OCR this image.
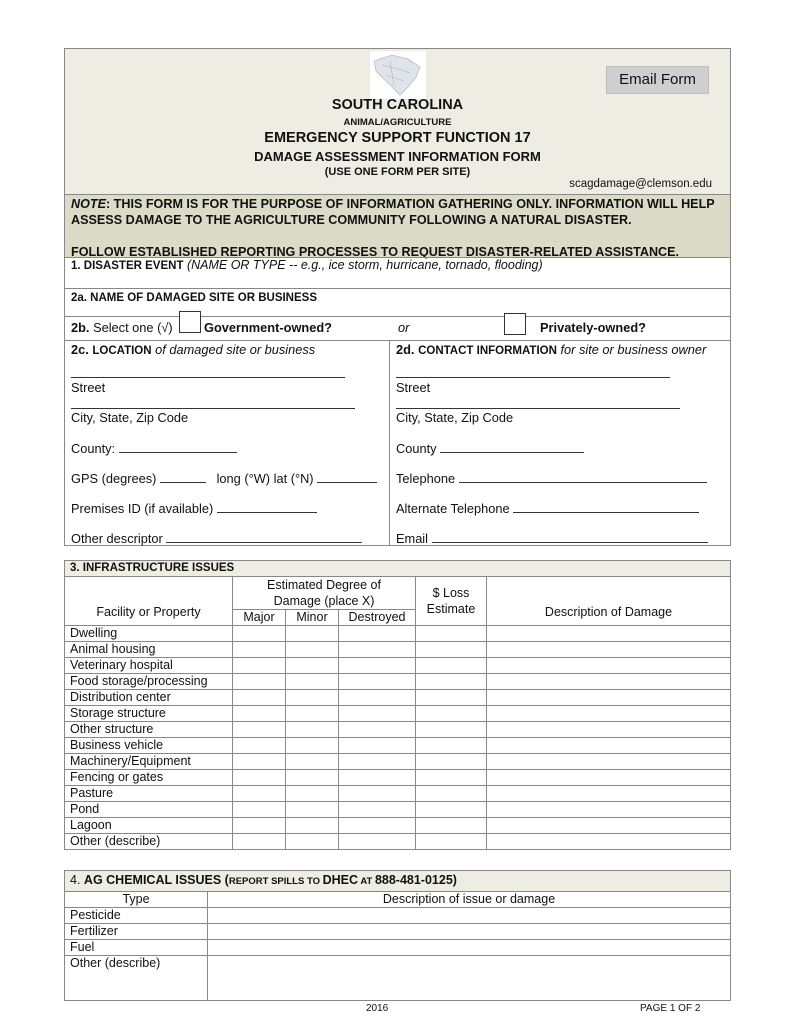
Email Form
SOUTH CAROLINA
ANIMAL/AGRICULTURE
EMERGENCY SUPPORT FUNCTION 17
DAMAGE ASSESSMENT INFORMATION FORM
(USE ONE FORM PER SITE)
scagdamage@clemson.edu
NOTE: THIS FORM IS FOR THE PURPOSE OF INFORMATION GATHERING ONLY. INFORMATION WILL HELP ASSESS DAMAGE TO THE AGRICULTURE COMMUNITY FOLLOWING A NATURAL DISASTER.
FOLLOW ESTABLISHED REPORTING PROCESSES TO REQUEST DISASTER-RELATED ASSISTANCE.
1. DISASTER EVENT (NAME OR TYPE -- e.g., ice storm, hurricane, tornado, flooding)
2a. NAME OF DAMAGED SITE OR BUSINESS
2b. Select one (√) Government-owned?	or	Privately-owned?
2c. LOCATION of damaged site or business
Street
City, State, Zip Code
County:
GPS (degrees)	long (°W) lat (°N)
Premises ID (if available)
Other descriptor
2d. CONTACT INFORMATION for site or business owner
Street
City, State, Zip Code
County
Telephone
Alternate Telephone
Email
3. INFRASTRUCTURE ISSUES					
Facility or Property	Estimated Degree of Damage (place X)			$ Loss Estimate	Description of Damage
	Major	Minor	Destroyed		
Dwelling					
Animal housing					
Veterinary hospital					
Food storage/processing					
Distribution center					
Storage structure					
Other structure					
Business vehicle					
Machinery/Equipment					
Fencing or gates					
Pasture					
Pond					
Lagoon					
Other (describe)					
4. AG CHEMICAL ISSUES (REPORT SPILLS TO DHEC AT 888-481-0125)	
Type	Description of issue or damage
Pesticide	
Fertilizer	
Fuel	
Other (describe)	
2016	PAGE 1 OF 2
